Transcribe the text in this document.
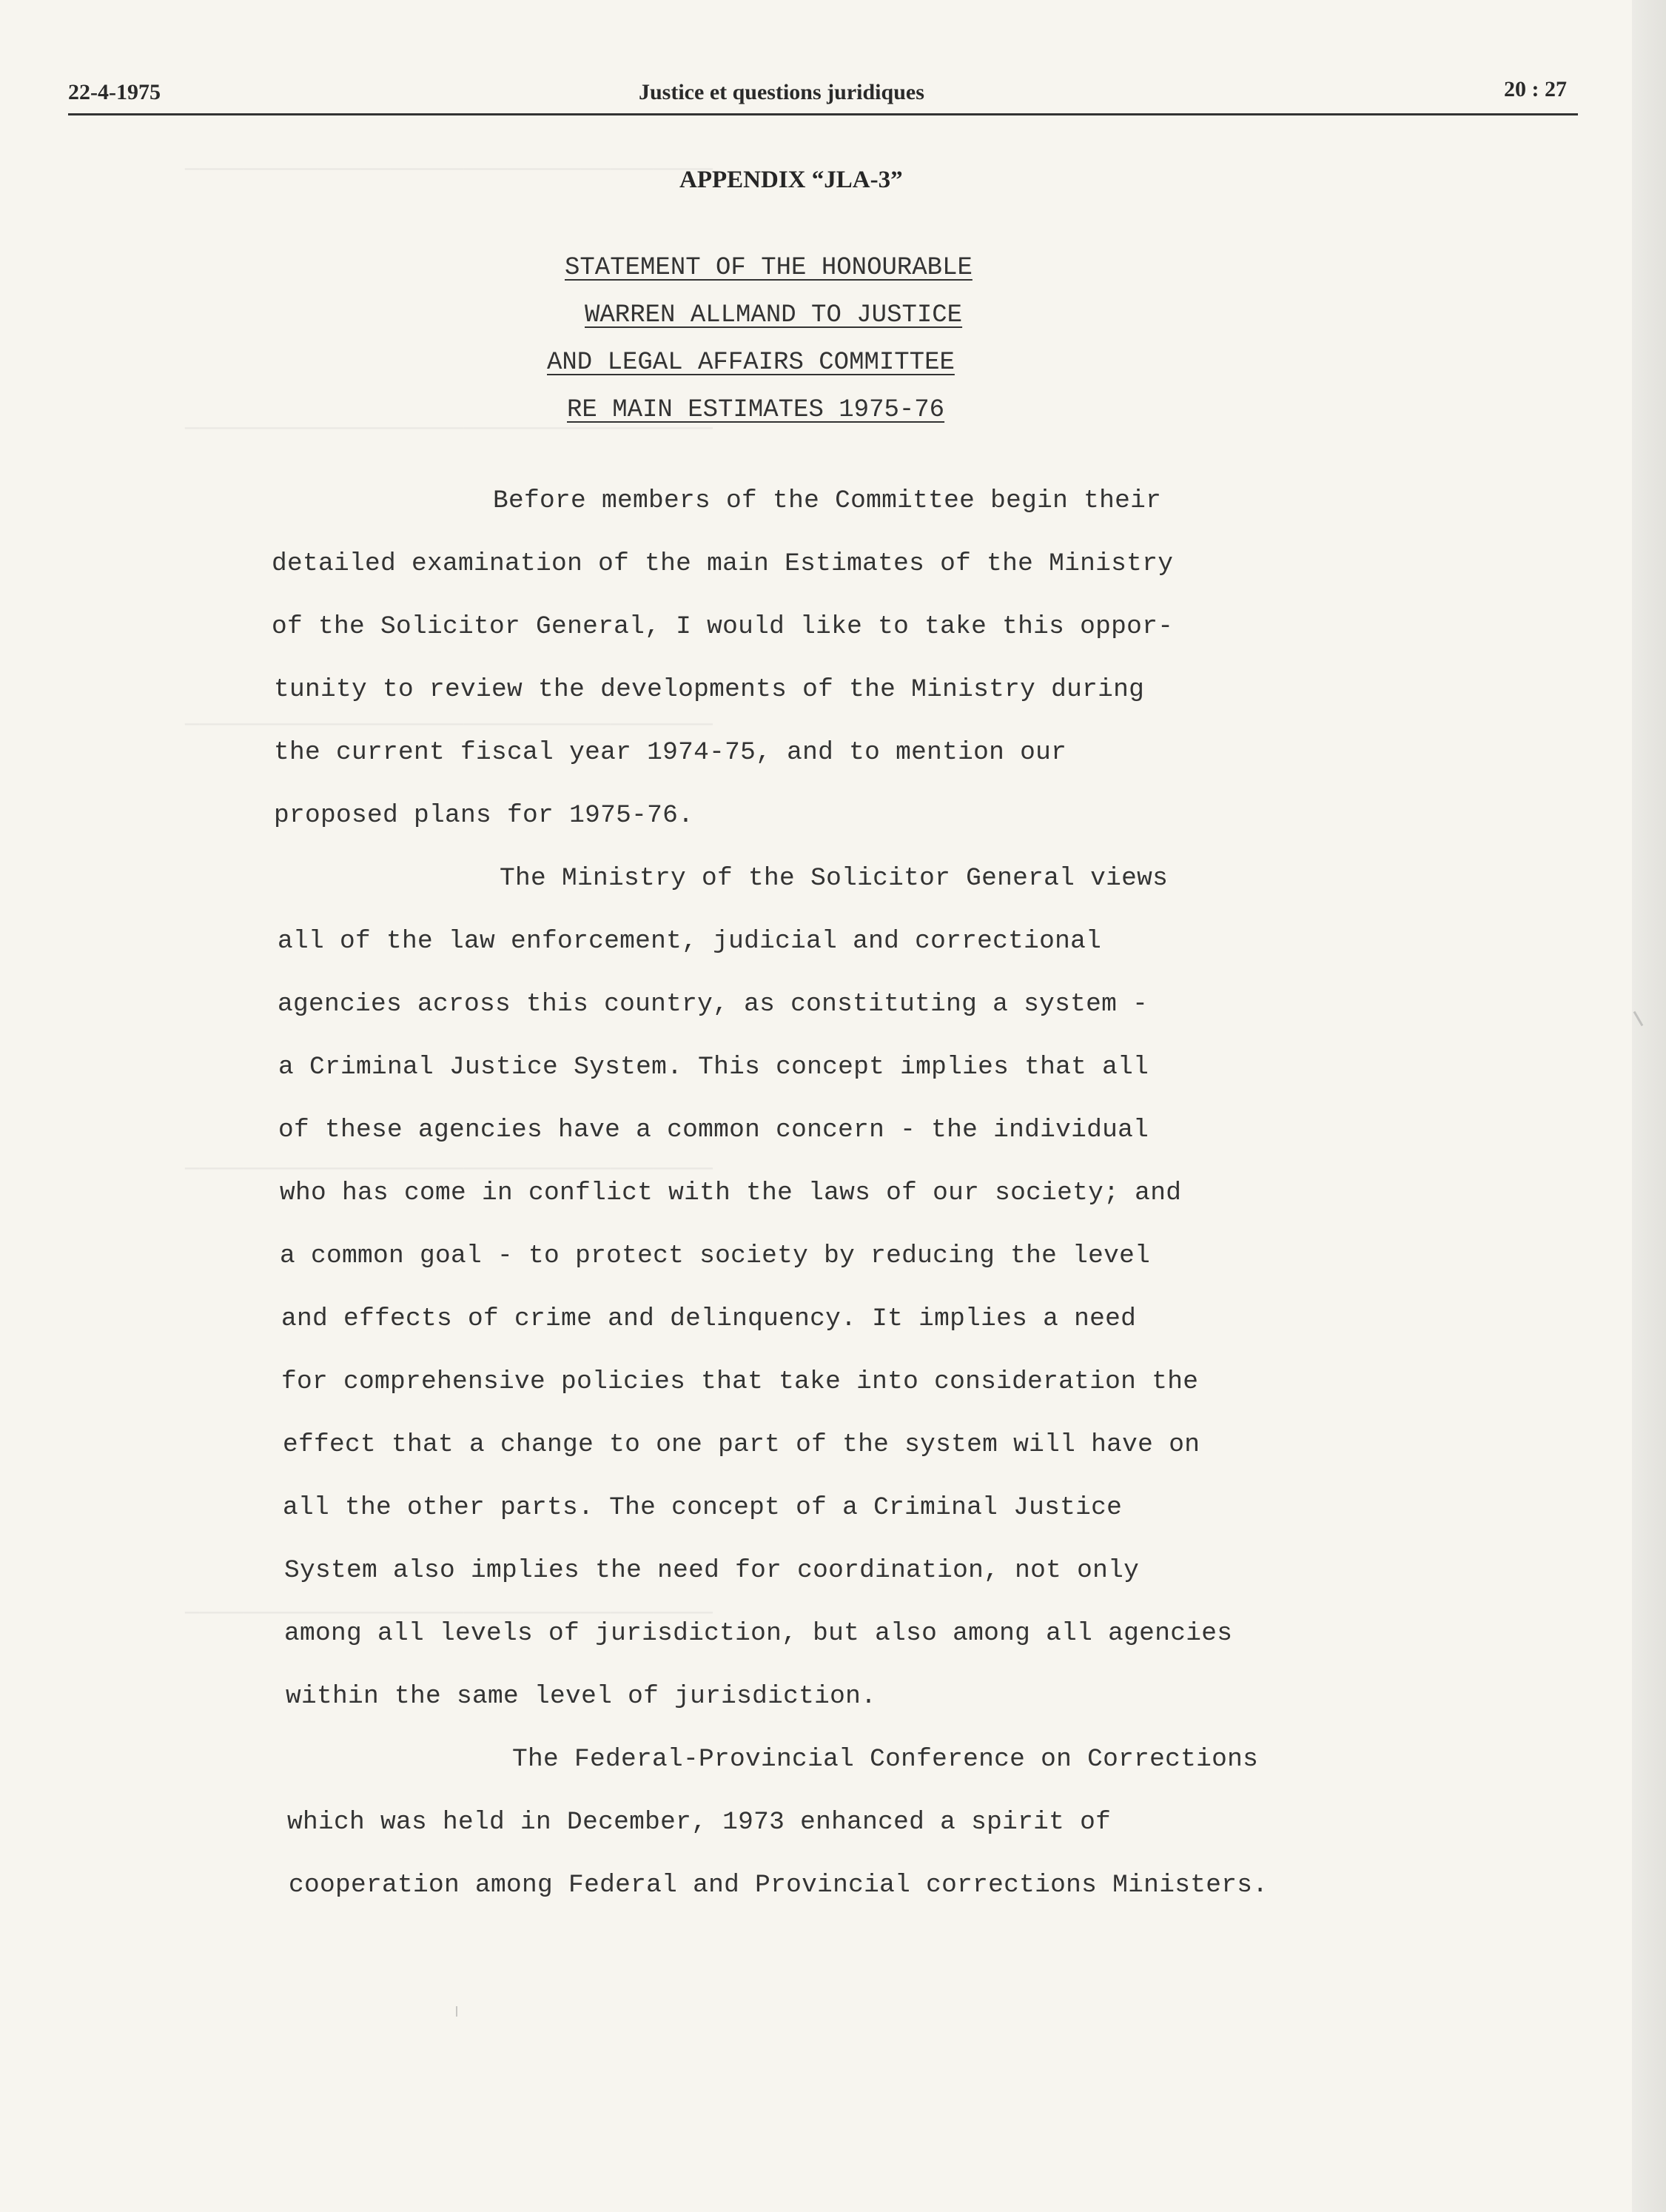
————————————————————————————————————
————————————————————————————————————
————————————————————————————————————
————————————————————————————————————
————————————————————————————————————
22-4-1975	Justice et questions juridiques	20 : 27
APPENDIX “JLA-3”
STATEMENT OF THE HONOURABLE
WARREN ALLMAND TO JUSTICE
AND LEGAL AFFAIRS COMMITTEE
RE MAIN ESTIMATES 1975-76
Before members of the Committee begin their
detailed examination of the main Estimates of the Ministry
of the Solicitor General, I would like to take this oppor-
tunity to review the developments of the Ministry during
the current fiscal year 1974-75, and to mention our
proposed plans for 1975-76.
The Ministry of the Solicitor General views
all of the law enforcement, judicial and correctional
agencies across this country, as constituting a system -
a Criminal Justice System. This concept implies that all
of these agencies have a common concern - the individual
who has come in conflict with the laws of our society; and
a common goal - to protect society by reducing the level
and effects of crime and delinquency. It implies a need
for comprehensive policies that take into consideration the
effect that a change to one part of the system will have on
all the other parts. The concept of a Criminal Justice
System also implies the need for coordination, not only
among all levels of jurisdiction, but also among all agencies
within the same level of jurisdiction.
The Federal-Provincial Conference on Corrections
which was held in December, 1973 enhanced a spirit of
cooperation among Federal and Provincial corrections Ministers.
